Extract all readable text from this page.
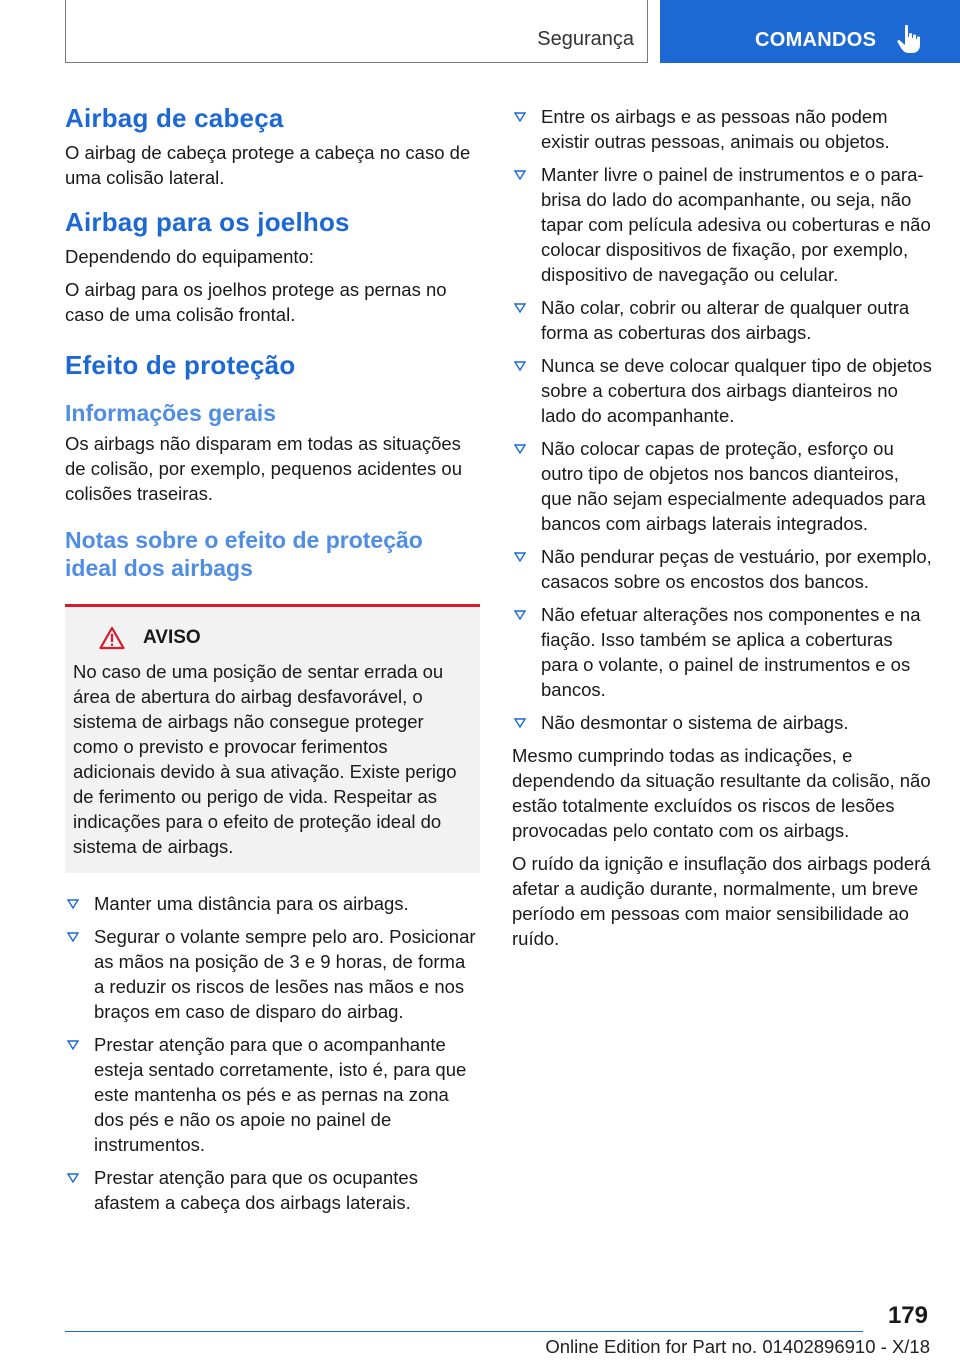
Segurança	COMANDOS
Airbag de cabeça

O airbag de cabeça protege a cabeça no caso de uma colisão lateral.

Airbag para os joelhos

Dependendo do equipamento:

O airbag para os joelhos protege as pernas no caso de uma colisão frontal.

Efeito de proteção
Informações gerais

Os airbags não disparam em todas as situações de colisão, por exemplo, pequenos acidentes ou colisões traseiras.

Notas sobre o efeito de proteção ideal dos airbags
AVISO

No caso de uma posição de sentar errada ou área de abertura do airbag desfavorável, o sistema de airbags não consegue proteger como o previsto e provocar ferimentos adicionais devido à sua ativação. Existe perigo de ferimento ou perigo de vida. Respeitar as indicações para o efeito de proteção ideal do sistema de airbags.

Manter uma distância para os airbags.
Segurar o volante sempre pelo aro. Posicionar as mãos na posição de 3 e 9 horas, de forma a reduzir os riscos de lesões nas mãos e nos braços em caso de disparo do airbag.
Prestar atenção para que o acompanhante esteja sentado corretamente, isto é, para que este mantenha os pés e as pernas na zona dos pés e não os apoie no painel de instrumentos.
Prestar atenção para que os ocupantes afastem a cabeça dos airbags laterais.
Entre os airbags e as pessoas não podem existir outras pessoas, animais ou objetos.
Manter livre o painel de instrumentos e o para-brisa do lado do acompanhante, ou seja, não tapar com película adesiva ou coberturas e não colocar dispositivos de fixação, por exemplo, dispositivo de navegação ou celular.
Não colar, cobrir ou alterar de qualquer outra forma as coberturas dos airbags.
Nunca se deve colocar qualquer tipo de objetos sobre a cobertura dos airbags dianteiros no lado do acompanhante.
Não colocar capas de proteção, esforço ou outro tipo de objetos nos bancos dianteiros, que não sejam especialmente adequados para bancos com airbags laterais integrados.
Não pendurar peças de vestuário, por exemplo, casacos sobre os encostos dos bancos.
Não efetuar alterações nos componentes e na fiação. Isso também se aplica a coberturas para o volante, o painel de instrumentos e os bancos.
Não desmontar o sistema de airbags.

Mesmo cumprindo todas as indicações, e dependendo da situação resultante da colisão, não estão totalmente excluídos os riscos de lesões provocadas pelo contato com os airbags.

O ruído da ignição e insuflação dos airbags poderá afetar a audição durante, normalmente, um breve período em pessoas com maior sensibilidade ao ruído.

179
Online Edition for Part no. 01402896910 - X/18
